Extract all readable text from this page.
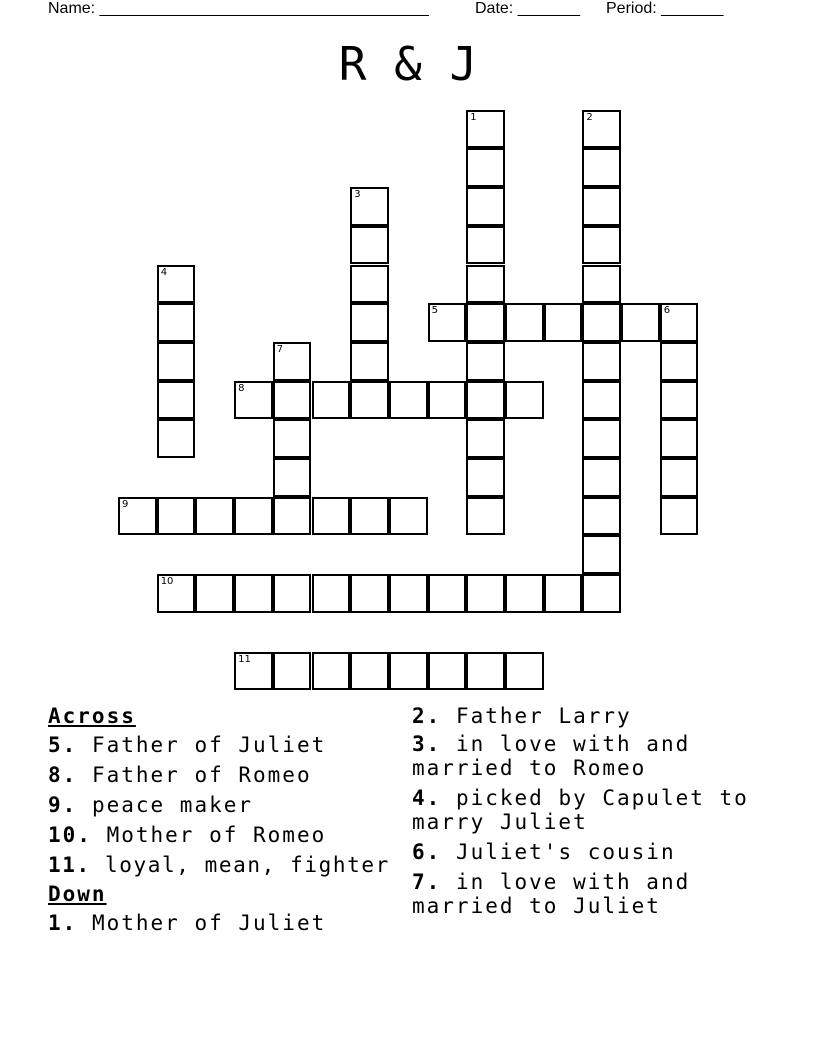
Name: _____________________________________	Date: _______ Period: _______
R & J
1	2
3
4
5	6
7
8
9
10
11
Across
5. Father of Juliet
8. Father of Romeo
9. peace maker
10. Mother of Romeo
11. loyal, mean, fighter
Down
1. Mother of Juliet
2. Father Larry
3. in love with and married to Romeo
4. picked by Capulet to marry Juliet
6. Juliet's cousin
7. in love with and married to Juliet
